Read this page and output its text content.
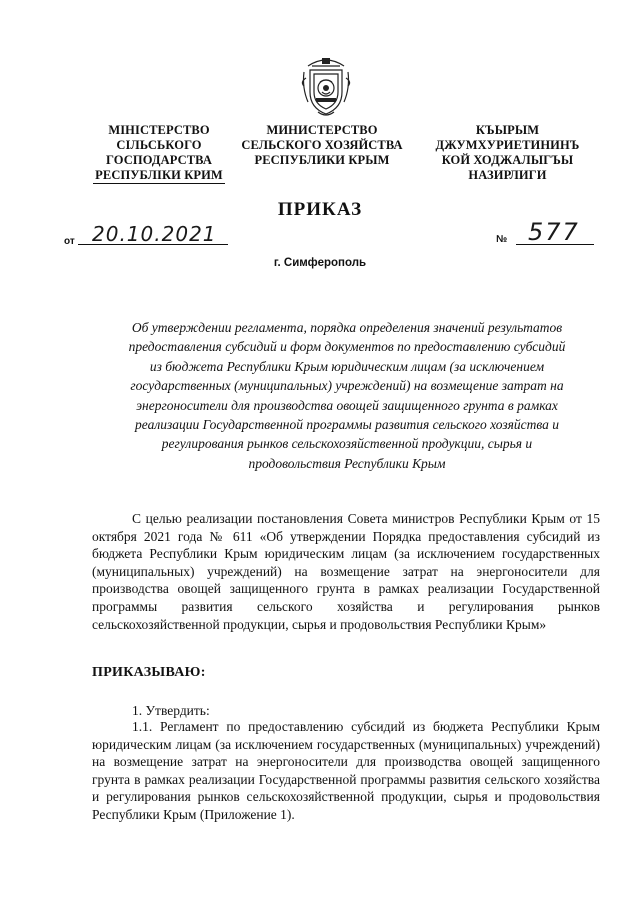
МІНІСТЕРСТВО
СІЛЬСЬКОГО
ГОСПОДАРСТВА
РЕСПУБЛІКИ КРИМ
МИНИСТЕРСТВО
СЕЛЬСКОГО ХОЗЯЙСТВА
РЕСПУБЛИКИ КРЫМ
КЪЫРЫМ
ДЖУМХУРИЕТИНИНЪ
КОЙ ХОДЖАЛЫГЪЫ
НАЗИРЛИГИ
ПРИКАЗ
от 20.10.2021	№ 577
г. Симферополь
Об утверждении регламента, порядка определения значений результатов
предоставления субсидий и форм документов по предоставлению субсидий
из бюджета Республики Крым юридическим лицам (за исключением
государственных (муниципальных) учреждений) на возмещение затрат на
энергоносители для производства овощей защищенного грунта в рамках
реализации Государственной программы развития сельского хозяйства и
регулирования рынков сельскохозяйственной продукции, сырья и
продовольствия Республики Крым
С целью реализации постановления Совета министров Республики Крым от 15 октября 2021 года № 611 «Об утверждении Порядка предоставления субсидий из бюджета Республики Крым юридическим лицам (за исключением государственных (муниципальных) учреждений) на возмещение затрат на энергоносители для производства овощей защищенного грунта в рамках реализации Государственной программы развития сельского хозяйства и регулирования рынков сельскохозяйственной продукции, сырья и продовольствия Республики Крым»
ПРИКАЗЫВАЮ:
1. Утвердить:
1.1. Регламент по предоставлению субсидий из бюджета Республики Крым юридическим лицам (за исключением государственных (муниципальных) учреждений) на возмещение затрат на энергоносители для производства овощей защищенного грунта в рамках реализации Государственной программы развития сельского хозяйства и регулирования рынков сельскохозяйственной продукции, сырья и продовольствия Республики Крым (Приложение 1).
